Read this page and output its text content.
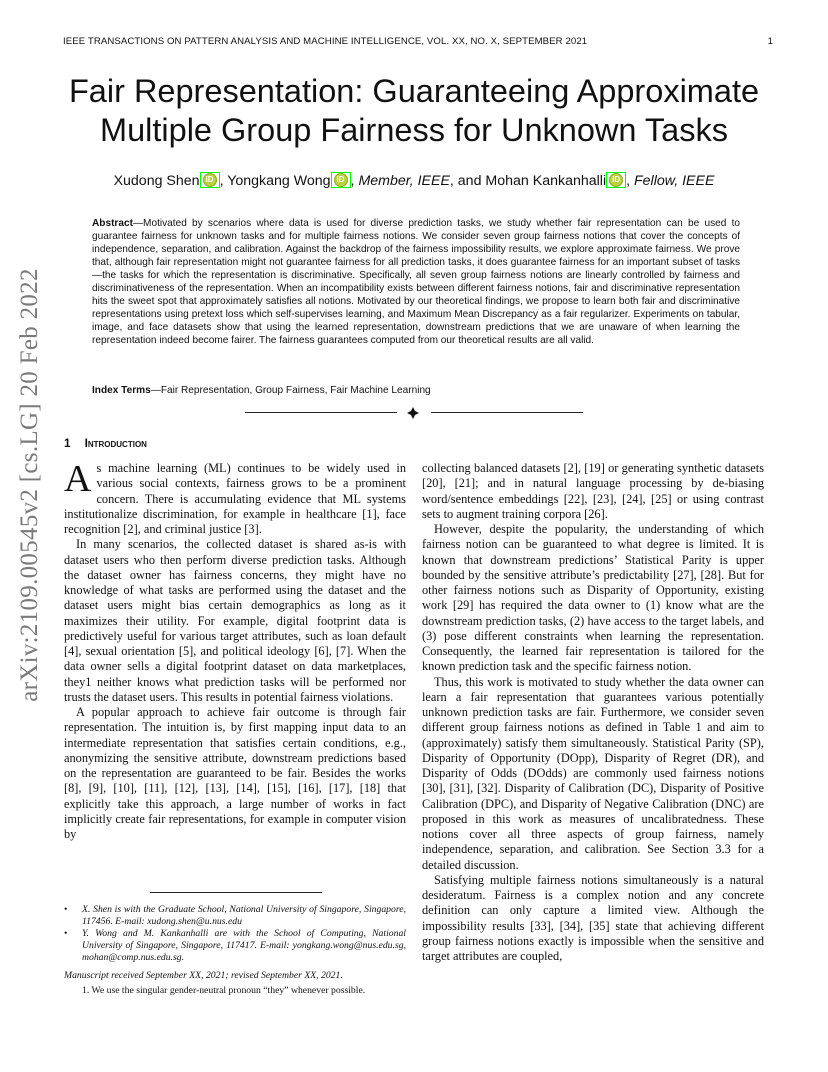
IEEE TRANSACTIONS ON PATTERN ANALYSIS AND MACHINE INTELLIGENCE, VOL. XX, NO. X, SEPTEMBER 2021	1
arXiv:2109.00545v2 [cs.LG] 20 Feb 2022
Fair Representation: Guaranteeing Approximate
Multiple Group Fairness for Unknown Tasks
Xudong Shen iD , Yongkang Wong iD , Member, IEEE, and Mohan Kankanhalli iD , Fellow, IEEE
Abstract—Motivated by scenarios where data is used for diverse prediction tasks, we study whether fair representation can be used to guarantee fairness for unknown tasks and for multiple fairness notions. We consider seven group fairness notions that cover the concepts of independence, separation, and calibration. Against the backdrop of the fairness impossibility results, we explore approximate fairness. We prove that, although fair representation might not guarantee fairness for all prediction tasks, it does guarantee fairness for an important subset of tasks—the tasks for which the representation is discriminative. Specifically, all seven group fairness notions are linearly controlled by fairness and discriminativeness of the representation. When an incompatibility exists between different fairness notions, fair and discriminative representation hits the sweet spot that approximately satisfies all notions. Motivated by our theoretical findings, we propose to learn both fair and discriminative representations using pretext loss which self-supervises learning, and Maximum Mean Discrepancy as a fair regularizer. Experiments on tabular, image, and face datasets show that using the learned representation, downstream predictions that we are unaware of when learning the representation indeed become fairer. The fairness guarantees computed from our theoretical results are all valid.
Index Terms—Fair Representation, Group Fairness, Fair Machine Learning
1 Introduction

As machine learning (ML) continues to be widely used in various social contexts, fairness grows to be a prominent concern. There is accumulating evidence that ML systems institutionalize discrimination, for example in healthcare [1], face recognition [2], and criminal justice [3].

In many scenarios, the collected dataset is shared as-is with dataset users who then perform diverse prediction tasks. Although the dataset owner has fairness concerns, they might have no knowledge of what tasks are performed using the dataset and the dataset users might bias certain demographics as long as it maximizes their utility. For example, digital footprint data is predictively useful for various target attributes, such as loan default [4], sexual orientation [5], and political ideology [6], [7]. When the data owner sells a digital footprint dataset on data marketplaces, they1 neither knows what prediction tasks will be performed nor trusts the dataset users. This results in potential fairness violations.

A popular approach to achieve fair outcome is through fair representation. The intuition is, by first mapping input data to an intermediate representation that satisfies certain conditions, e.g., anonymizing the sensitive attribute, downstream predictions based on the representation are guaranteed to be fair. Besides the works [8], [9], [10], [11], [12], [13], [14], [15], [16], [17], [18] that explicitly take this approach, a large number of works in fact implicitly create fair representations, for example in computer vision by

•	X. Shen is with the Graduate School, National University of Singapore, Singapore, 117456. E-mail: xudong.shen@u.nus.edu
•	Y. Wong and M. Kankanhalli are with the School of Computing, National University of Singapore, Singapore, 117417. E-mail: yongkang.wong@nus.edu.sg, mohan@comp.nus.edu.sg.
Manuscript received September XX, 2021; revised September XX, 2021.
1. We use the singular gender-neutral pronoun “they” whenever possible.

collecting balanced datasets [2], [19] or generating synthetic datasets [20], [21]; and in natural language processing by de-biasing word/sentence embeddings [22], [23], [24], [25] or using contrast sets to augment training corpora [26].

However, despite the popularity, the understanding of which fairness notion can be guaranteed to what degree is limited. It is known that downstream predictions’ Statistical Parity is upper bounded by the sensitive attribute’s predictability [27], [28]. But for other fairness notions such as Disparity of Opportunity, existing work [29] has required the data owner to (1) know what are the downstream prediction tasks, (2) have access to the target labels, and (3) pose different constraints when learning the representation. Consequently, the learned fair representation is tailored for the known prediction task and the specific fairness notion.

Thus, this work is motivated to study whether the data owner can learn a fair representation that guarantees various potentially unknown prediction tasks are fair. Furthermore, we consider seven different group fairness notions as defined in Table 1 and aim to (approximately) satisfy them simultaneously. Statistical Parity (SP), Disparity of Opportunity (DOpp), Disparity of Regret (DR), and Disparity of Odds (DOdds) are commonly used fairness notions [30], [31], [32]. Disparity of Calibration (DC), Disparity of Positive Calibration (DPC), and Disparity of Negative Calibration (DNC) are proposed in this work as measures of uncalibratedness. These notions cover all three aspects of group fairness, namely independence, separation, and calibration. See Section 3.3 for a detailed discussion.

Satisfying multiple fairness notions simultaneously is a natural desideratum. Fairness is a complex notion and any concrete definition can only capture a limited view. Although the impossibility results [33], [34], [35] state that achieving different group fairness notions exactly is impossible when the sensitive and target attributes are coupled,
